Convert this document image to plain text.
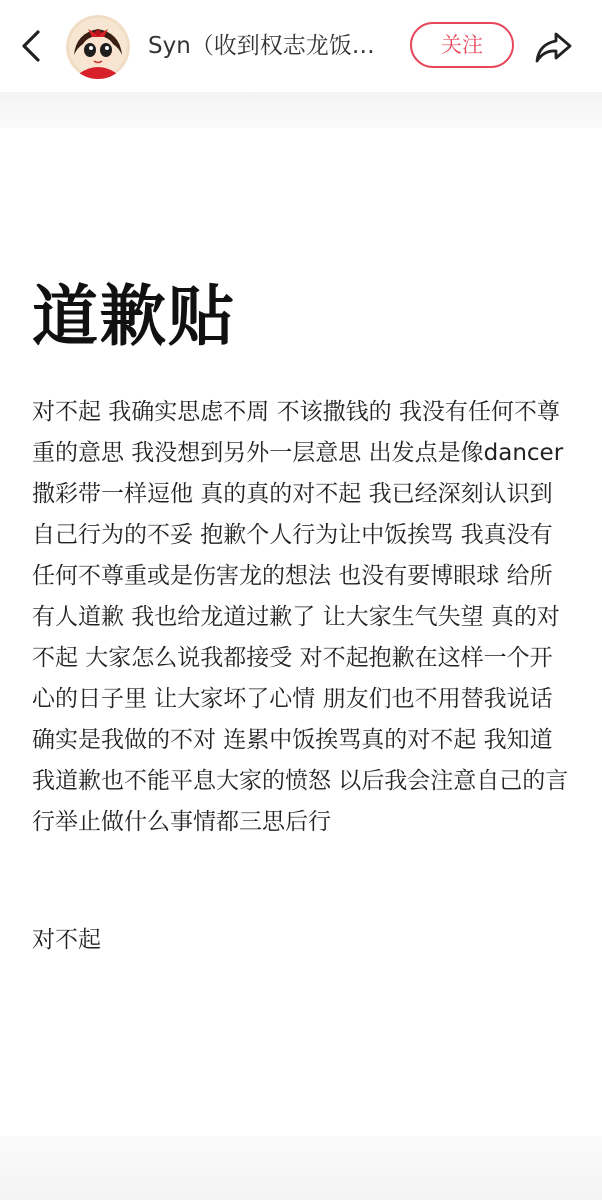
Syn（收到权志龙饭…	关注
道歉贴
对不起 我确实思虑不周 不该撒钱的 我没有任何不尊重的意思 我没想到另外一层意思 出发点是像dancer撒彩带一样逗他 真的真的对不起 我已经深刻认识到自己行为的不妥 抱歉个人行为让中饭挨骂 我真没有任何不尊重或是伤害龙的想法 也没有要博眼球 给所有人道歉 我也给龙道过歉了 让大家生气失望 真的对不起 大家怎么说我都接受 对不起抱歉在这样一个开心的日子里 让大家坏了心情 朋友们也不用替我说话 确实是我做的不对 连累中饭挨骂真的对不起 我知道我道歉也不能平息大家的愤怒 以后我会注意自己的言行举止做什么事情都三思后行
对不起
